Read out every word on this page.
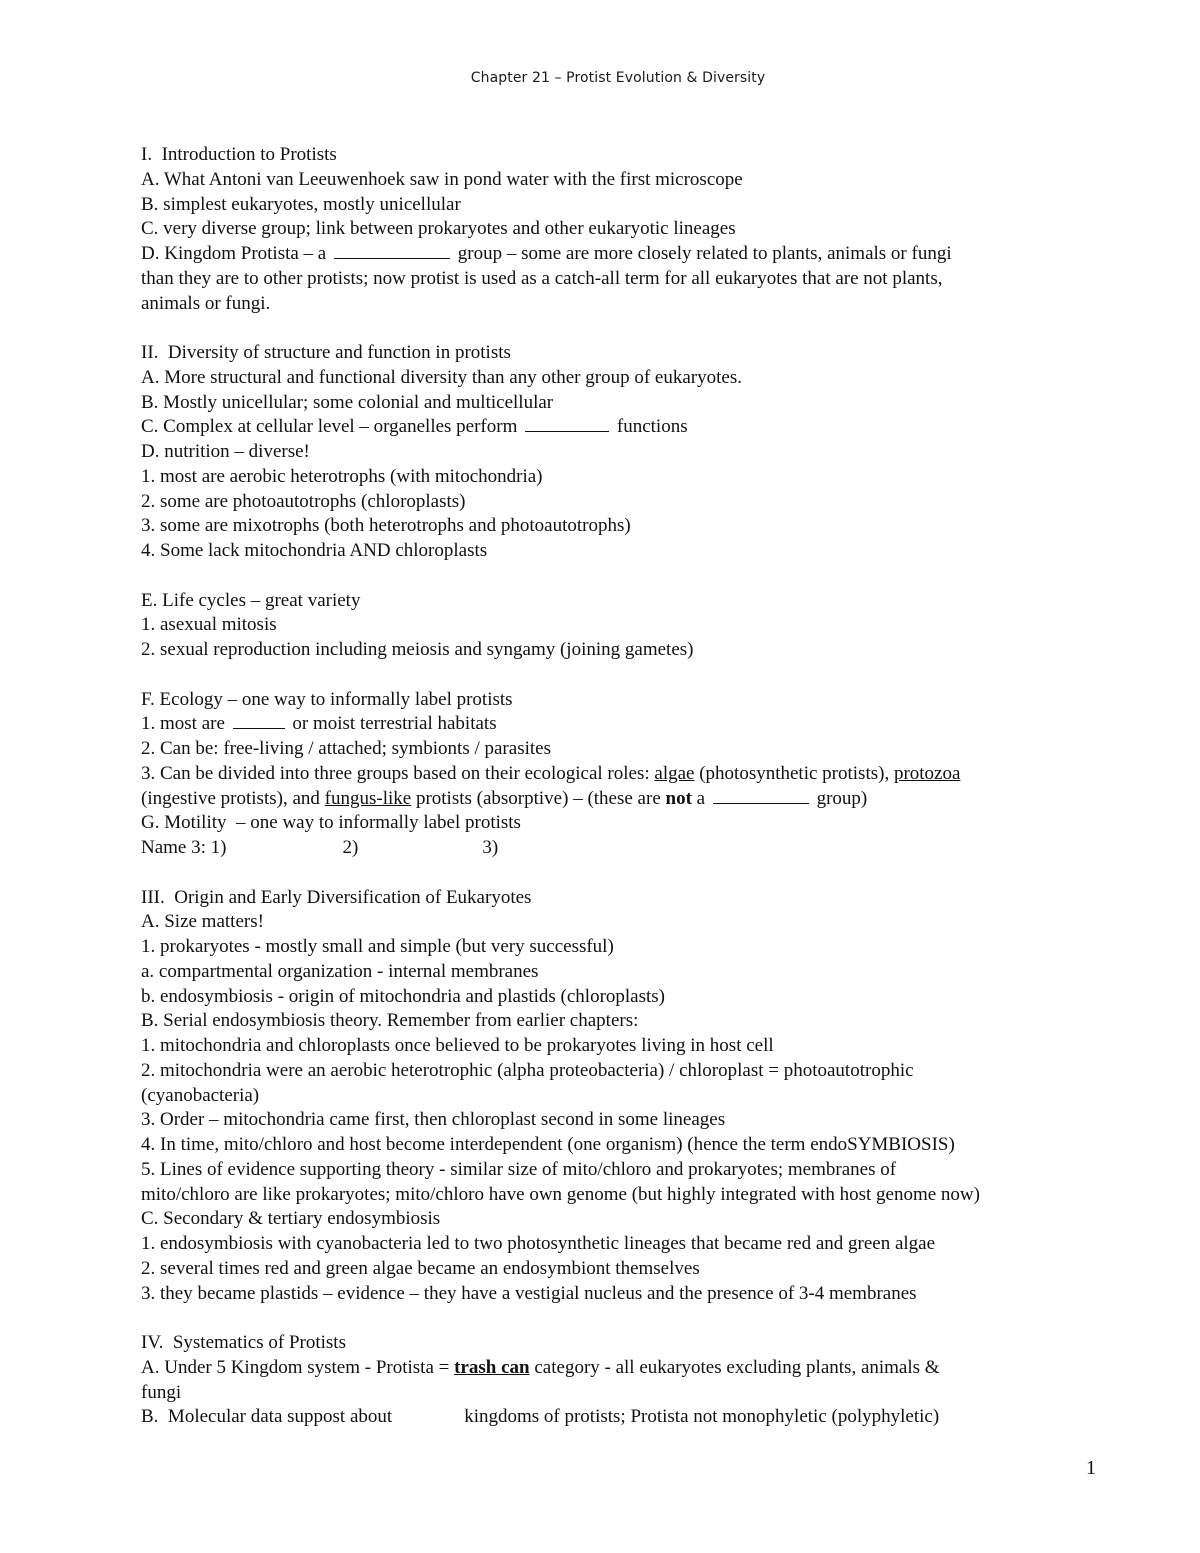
Chapter 21 – Protist Evolution & Diversity
I.  Introduction to Protists
A. What Antoni van Leeuwenhoek saw in pond water with the first microscope
B. simplest eukaryotes, mostly unicellular
C. very diverse group; link between prokaryotes and other eukaryotic lineages
D. Kingdom Protista – a	group – some are more closely related to plants, animals or fungi
than they are to other protists; now protist is used as a catch-all term for all eukaryotes that are not plants,
animals or fungi.
II.  Diversity of structure and function in protists
A. More structural and functional diversity than any other group of eukaryotes.
B. Mostly unicellular; some colonial and multicellular
C. Complex at cellular level – organelles perform	functions
D. nutrition – diverse!
1. most are aerobic heterotrophs (with mitochondria)
2. some are photoautotrophs (chloroplasts)
3. some are mixotrophs (both heterotrophs and photoautotrophs)
4. Some lack mitochondria AND chloroplasts
E. Life cycles – great variety
1. asexual mitosis
2. sexual reproduction including meiosis and syngamy (joining gametes)
F. Ecology – one way to informally label protists
1. most are	or moist terrestrial habitats
2. Can be: free-living / attached; symbionts / parasites
3. Can be divided into three groups based on their ecological roles: algae (photosynthetic protists), protozoa
(ingestive protists), and fungus-like protists (absorptive) – (these are not a	group)
G. Motility  – one way to informally label protists
Name 3: 1)	2)	3)
III.  Origin and Early Diversification of Eukaryotes
A. Size matters!
1. prokaryotes - mostly small and simple (but very successful)
a. compartmental organization - internal membranes
b. endosymbiosis - origin of mitochondria and plastids (chloroplasts)
B. Serial endosymbiosis theory. Remember from earlier chapters:
1. mitochondria and chloroplasts once believed to be prokaryotes living in host cell
2. mitochondria were an aerobic heterotrophic (alpha proteobacteria) / chloroplast = photoautotrophic
(cyanobacteria)
3. Order – mitochondria came first, then chloroplast second in some lineages
4. In time, mito/chloro and host become interdependent (one organism) (hence the term endoSYMBIOSIS)
5. Lines of evidence supporting theory - similar size of mito/chloro and prokaryotes; membranes of
mito/chloro are like prokaryotes; mito/chloro have own genome (but highly integrated with host genome now)
C. Secondary & tertiary endosymbiosis
1. endosymbiosis with cyanobacteria led to two photosynthetic lineages that became red and green algae
2. several times red and green algae became an endosymbiont themselves
3. they became plastids – evidence – they have a vestigial nucleus and the presence of 3-4 membranes
IV.  Systematics of Protists
A. Under 5 Kingdom system - Protista = trash can category - all eukaryotes excluding plants, animals &
fungi
B.  Molecular data suppost about	kingdoms of protists; Protista not monophyletic (polyphyletic)
1
